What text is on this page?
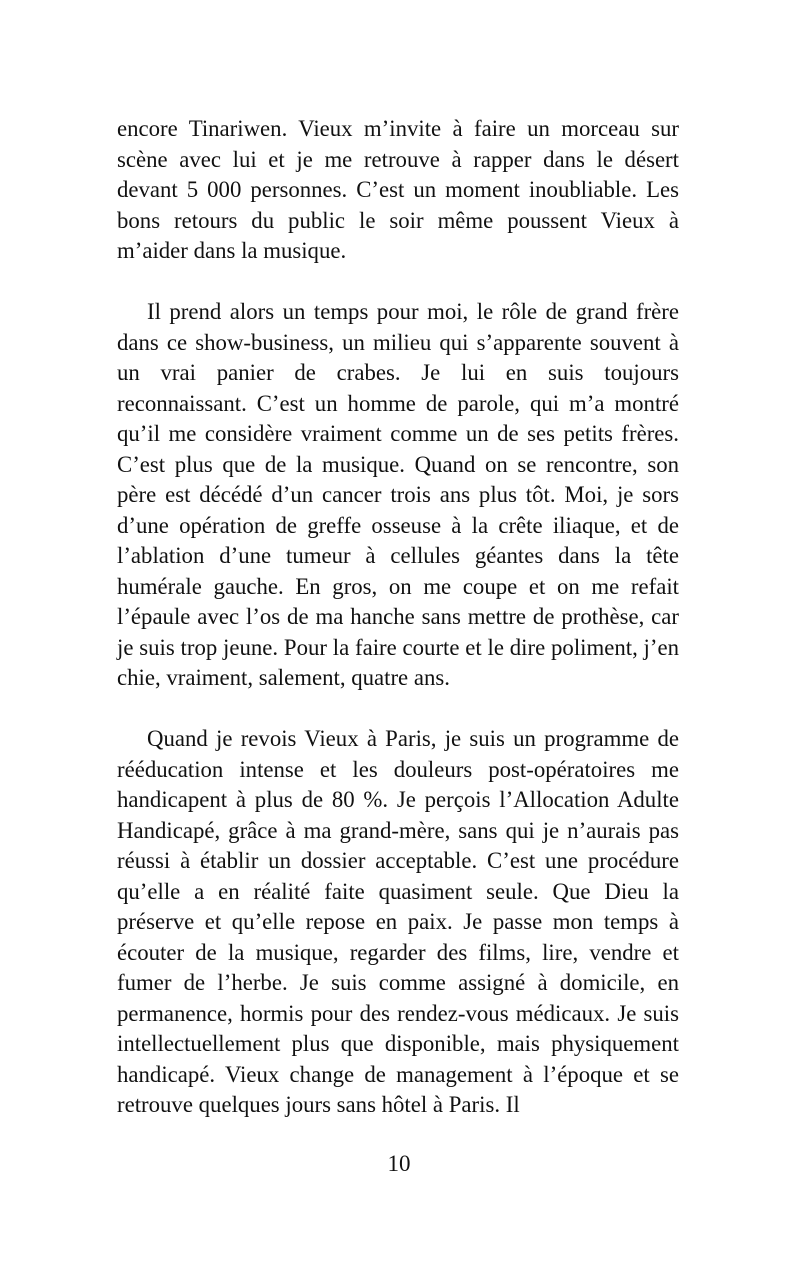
encore Tinariwen. Vieux m’invite à faire un morceau sur scène avec lui et je me retrouve à rapper dans le désert devant 5 000 personnes. C’est un moment inoubliable. Les bons retours du public le soir même poussent Vieux à m’aider dans la musique.

Il prend alors un temps pour moi, le rôle de grand frère dans ce show-business, un milieu qui s’apparente souvent à un vrai panier de crabes. Je lui en suis toujours reconnaissant. C’est un homme de parole, qui m’a montré qu’il me considère vraiment comme un de ses petits frères. C’est plus que de la musique. Quand on se rencontre, son père est décédé d’un cancer trois ans plus tôt. Moi, je sors d’une opération de greffe osseuse à la crête iliaque, et de l’ablation d’une tumeur à cellules géantes dans la tête humérale gauche. En gros, on me coupe et on me refait l’épaule avec l’os de ma hanche sans mettre de prothèse, car je suis trop jeune. Pour la faire courte et le dire poliment, j’en chie, vraiment, salement, quatre ans.

Quand je revois Vieux à Paris, je suis un programme de rééducation intense et les douleurs post-opératoires me handicapent à plus de 80 %. Je perçois l’Allocation Adulte Handicapé, grâce à ma grand-mère, sans qui je n’aurais pas réussi à établir un dossier acceptable. C’est une procédure qu’elle a en réalité faite quasiment seule. Que Dieu la préserve et qu’elle repose en paix. Je passe mon temps à écouter de la musique, regarder des films, lire, vendre et fumer de l’herbe. Je suis comme assigné à domicile, en permanence, hormis pour des rendez-vous médicaux. Je suis intellectuellement plus que disponible, mais physiquement handicapé. Vieux change de management à l’époque et se retrouve quelques jours sans hôtel à Paris. Il

10
